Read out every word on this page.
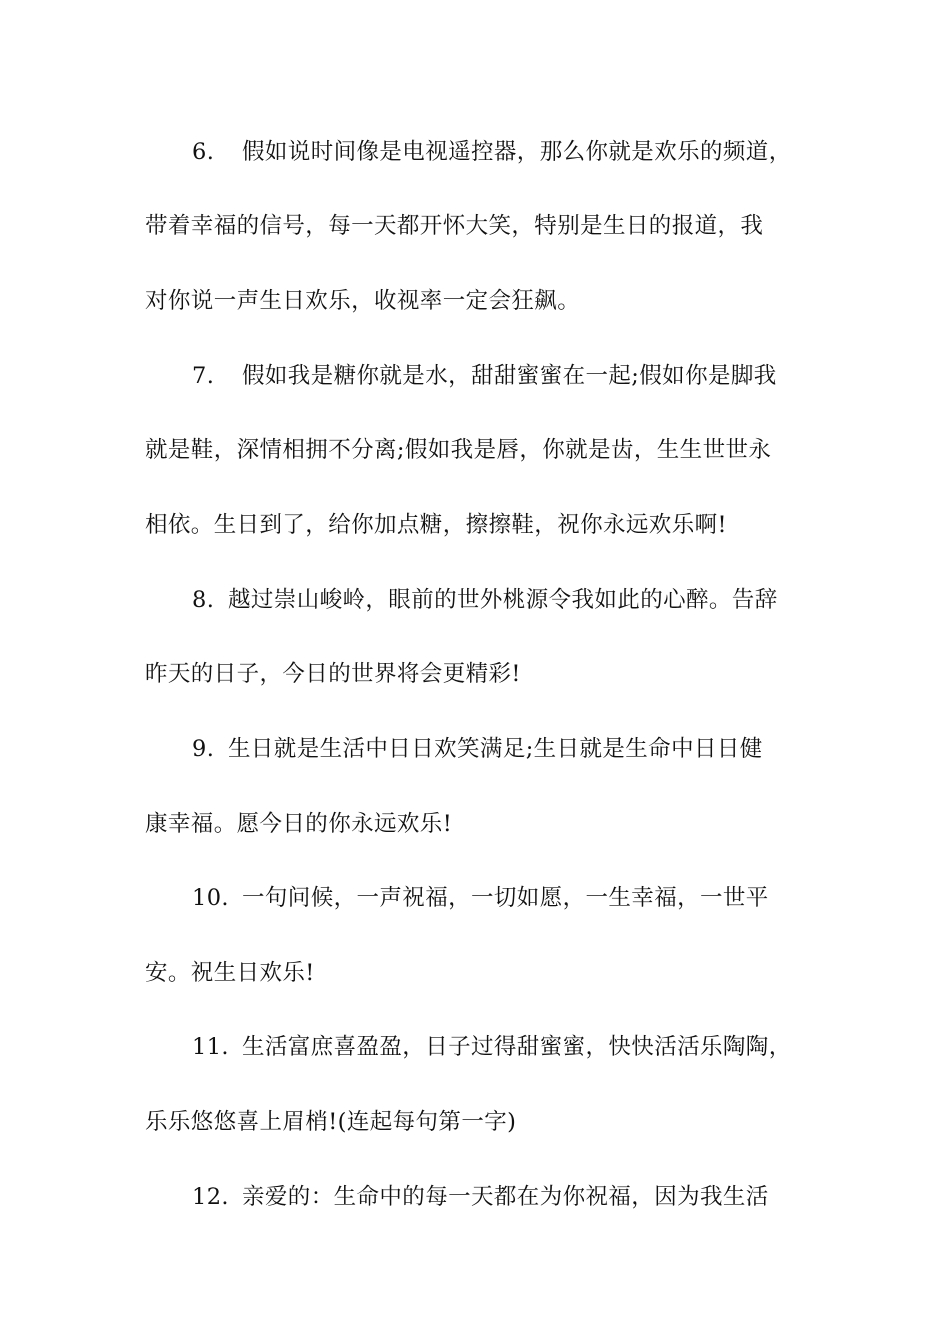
6. 假如说时间像是电视遥控器，那么你就是欢乐的频道，
带着幸福的信号，每一天都开怀大笑，特别是生日的报道，我
对你说一声生日欢乐，收视率一定会狂飙。
7. 假如我是糖你就是水，甜甜蜜蜜在一起;假如你是脚我
就是鞋，深情相拥不分离;假如我是唇，你就是齿，生生世世永
相依。生日到了，给你加点糖，擦擦鞋，祝你永远欢乐啊!
8. 越过崇山峻岭，眼前的世外桃源令我如此的心醉。告辞
昨天的日子，今日的世界将会更精彩!
9. 生日就是生活中日日欢笑满足;生日就是生命中日日健
康幸福。愿今日的你永远欢乐!
10. 一句问候，一声祝福，一切如愿，一生幸福，一世平
安。祝生日欢乐!
11. 生活富庶喜盈盈，日子过得甜蜜蜜，快快活活乐陶陶，
乐乐悠悠喜上眉梢!(连起每句第一字)
12. 亲爱的：生命中的每一天都在为你祝福，因为我生活
